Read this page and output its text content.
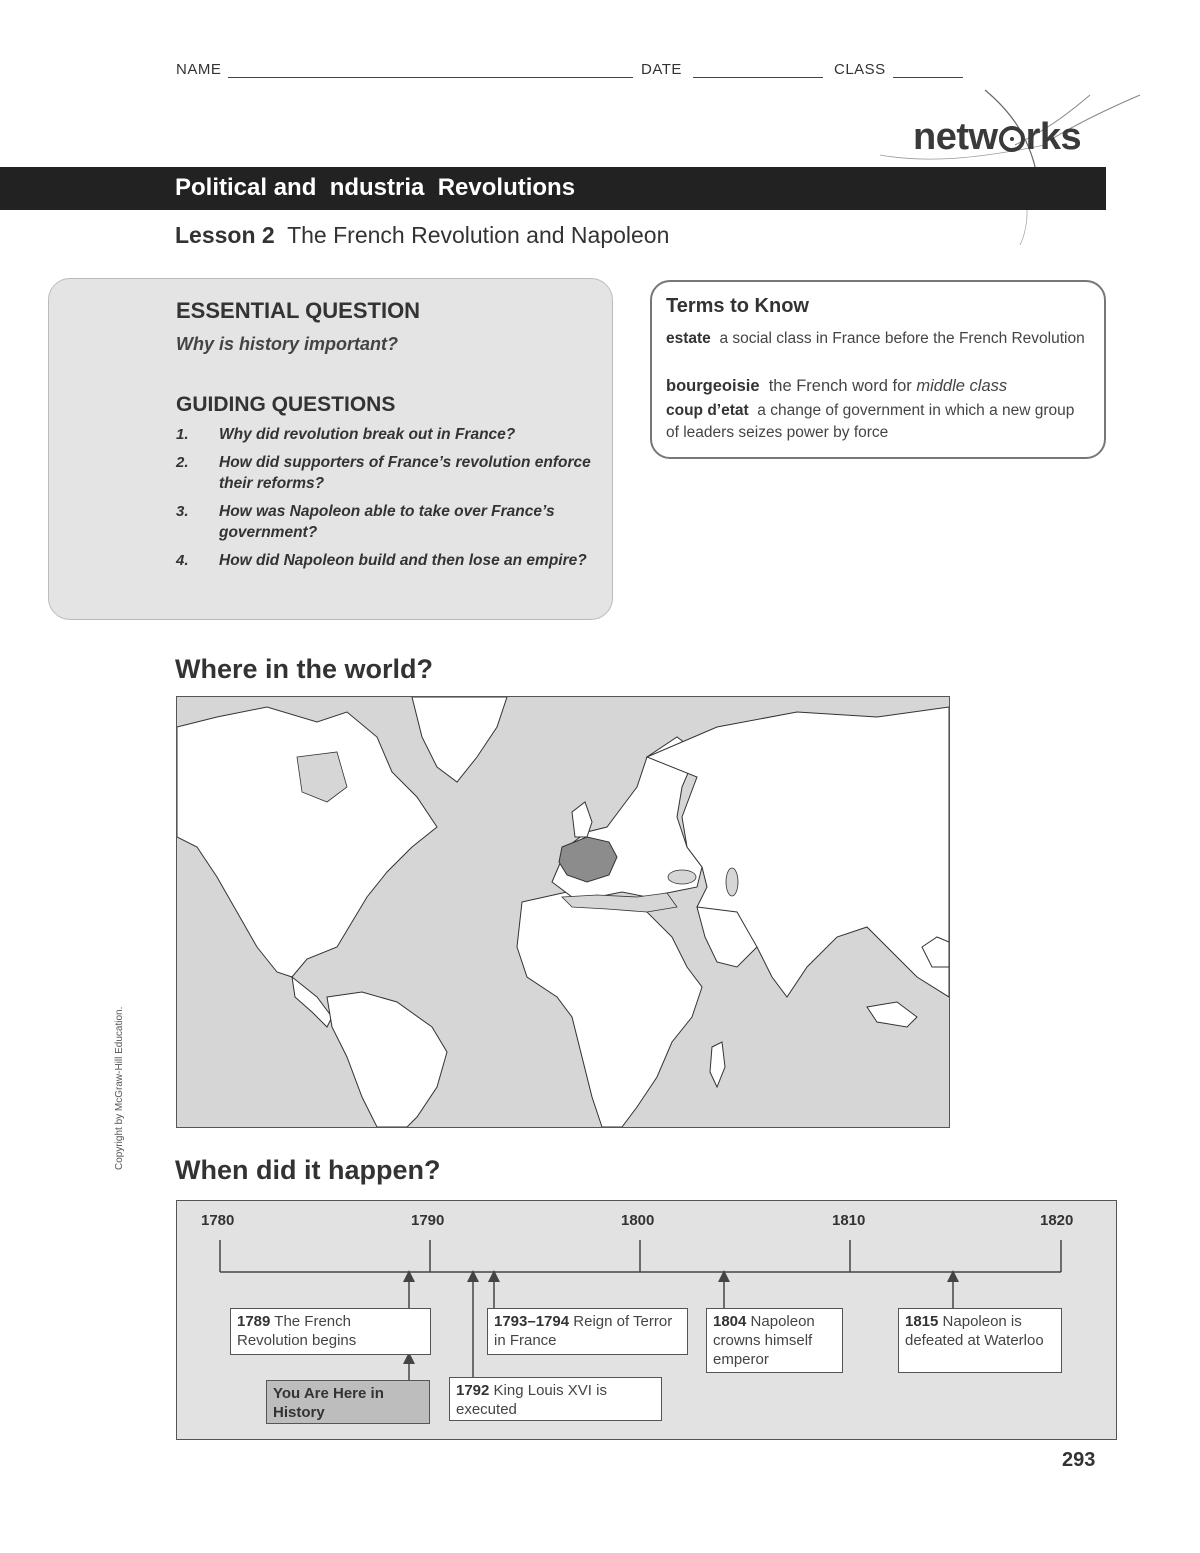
NAME	DATE	CLASS
netw rks
Political and  ndustria  Revolutions
Lesson 2 The French Revolution and Napoleon
ESSENTIAL QUESTION
Why is history important?
GUIDING QUESTIONS
1. Why did revolution break out in France?
2. How did supporters of France’s revolution enforce their reforms?
3. How was Napoleon able to take over France’s government?
4. How did Napoleon build and then lose an empire?
Terms to Know
estate a social class in France before the French Revolution
bourgeoisie the French word for middle class
coup d’etat a change of government in which a new group of leaders seizes power by force
Where in the world?
When did it happen?
1780	1790	1800	1810	1820
1789 The French Revolution begins
1793–1794 Reign of Terror in France
1804 Napoleon crowns himself emperor
1815 Napoleon is defeated at Waterloo
1792 King Louis XVI is executed
You Are Here in History
Copyright by McGraw-Hill Education.
293
